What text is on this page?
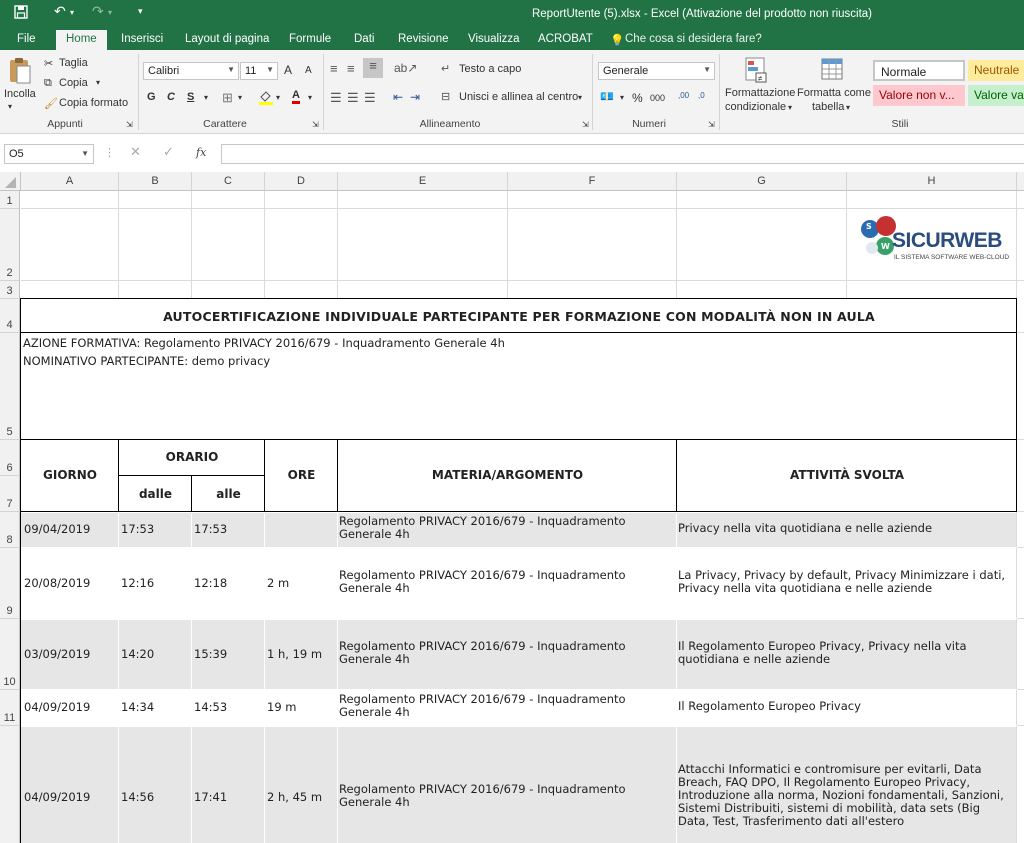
↶ ▾ ↷ ▾	▾	ReportUtente (5).xlsx - Excel (Attivazione del prodotto non riuscita)
File	Home	Inserisci Layout di pagina Formule Dati Revisione Visualizza ACROBAT 💡 Che cosa si desidera fare?
Incolla
▾
✂ Taglia
⧉ Copia ▾
🖌 Copia formato
Appunti	⇲
Calibri	▼ 11 ▼ A A
G C S ▾ ⊞ ▾	▾ A ▾
Carattere	⇲
≡ ≡	≡	ab↗
☰ ☰ ☰ ⇤ ⇥
↵ Testo a capo
⊟ Unisci e allinea al centro ▾
Allineamento	⇲
Generale	▼
💶 ▾ % 000 ,00 ,0
Numeri	⇲
≠
Formattazione
condizionale ▾
Formatta come
tabella ▾
Normale	Neutrale
Valore non v...	Valore va
Stili
O5	▼ ⋮ ✕ ✓ fx
A	B	C	D	E	F	G	H
1
2
3
4
5
6
7
8
9
10
11
S
W SICURWEB
IL SISTEMA SOFTWARE WEB-CLOUD
AUTOCERTIFICAZIONE INDIVIDUALE PARTECIPANTE PER FORMAZIONE CON MODALITÀ NON IN AULA
AZIONE FORMATIVA: Regolamento PRIVACY 2016/679 - Inquadramento Generale 4h
NOMINATIVO PARTECIPANTE: demo privacy
GIORNO
ORARIO
dalle	alle
ORE	MATERIA/ARGOMENTO	ATTIVITÀ SVOLTA
09/04/2019	17:53	17:53
Regolamento PRIVACY 2016/679 - Inquadramento Generale 4h	Privacy nella vita quotidiana e nelle aziende
20/08/2019	12:16	12:18	2 m
Regolamento PRIVACY 2016/679 - Inquadramento Generale 4h
La Privacy, Privacy by default, Privacy Minimizzare i dati, Privacy nella vita quotidiana e nelle aziende
03/09/2019	14:20	15:39	1 h, 19 m
Regolamento PRIVACY 2016/679 - Inquadramento Generale 4h
Il Regolamento Europeo Privacy, Privacy nella vita quotidiana e nelle aziende
04/09/2019	14:34	14:53	19 m
Regolamento PRIVACY 2016/679 - Inquadramento Generale 4h	Il Regolamento Europeo Privacy
04/09/2019	14:56	17:41	2 h, 45 m
Regolamento PRIVACY 2016/679 - Inquadramento Generale 4h
Attacchi Informatici e contromisure per evitarli, Data Breach, FAQ DPO, Il Regolamento Europeo Privacy, Introduzione alla norma, Nozioni fondamentali, Sanzioni, Sistemi Distribuiti, sistemi di mobilità, data sets (Big Data, Test, Trasferimento dati all'estero
